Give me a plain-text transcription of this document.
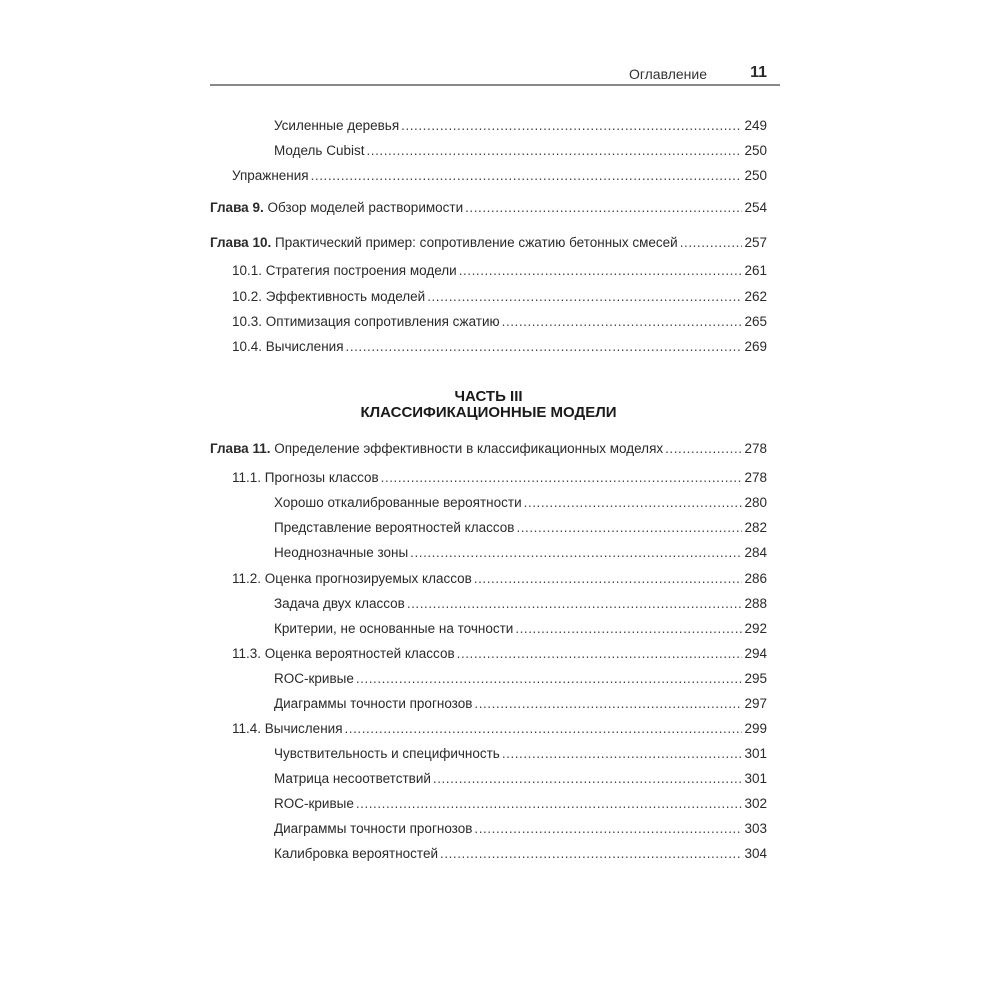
Оглавление	11
ЧАСТЬ III
КЛАССИФИКАЦИОННЫЕ МОДЕЛИ
Усиленные деревья . . .	249
Модель Cubist . . .	250
Упражнения . . .	250
Глава 9. Обзор моделей растворимости . . .	254
Глава 10. Практический пример: сопротивление сжатию бетонных смесей . . .	257
10.1. Стратегия построения модели . . .	261
10.2. Эффективность моделей . . .	262
10.3. Оптимизация сопротивления сжатию . . .	265
10.4. Вычисления . . .	269
Глава 11. Определение эффективности в классификационных моделях . . .	278
11.1. Прогнозы классов . . .	278
Хорошо откалиброванные вероятности . . .	280
Представление вероятностей классов . . .	282
Неоднозначные зоны . . .	284
11.2. Оценка прогнозируемых классов . . .	286
Задача двух классов . . .	288
Критерии, не основанные на точности . . .	292
11.3. Оценка вероятностей классов . . .	294
ROC-кривые . . .	295
Диаграммы точности прогнозов . . .	297
11.4. Вычисления . . .	299
Чувствительность и специфичность . . .	301
Матрица несоответствий . . .	301
ROC-кривые . . .	302
Диаграммы точности прогнозов . . .	303
Калибровка вероятностей . . .	304
